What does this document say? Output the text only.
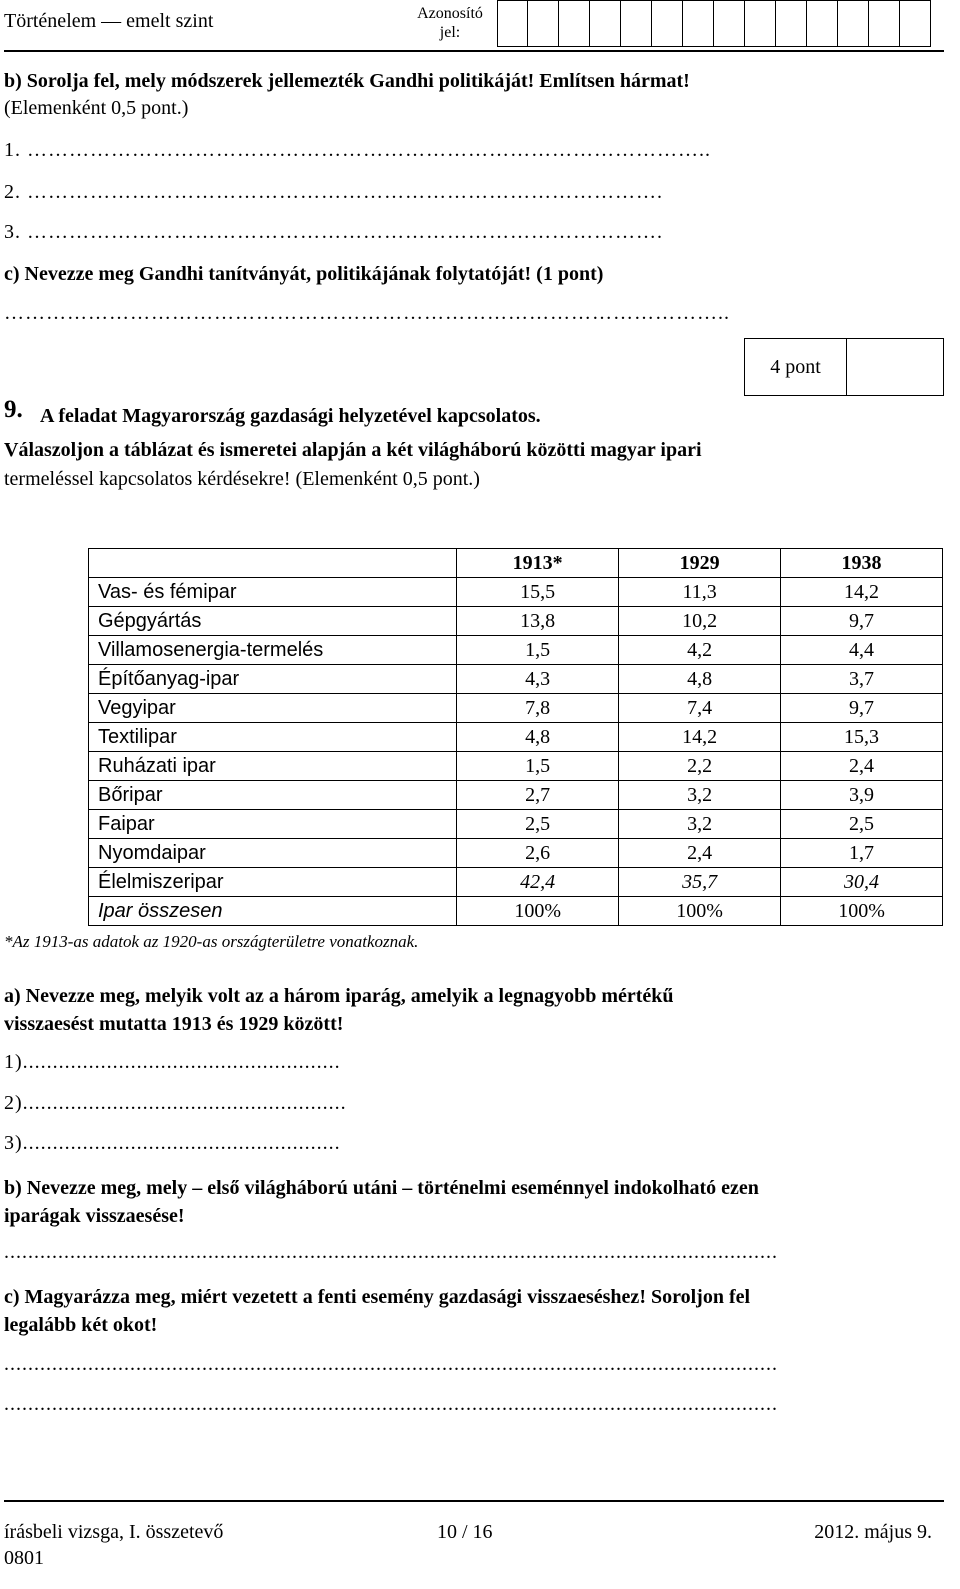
Történelem — emelt szint	Azonosító
jel:
b) Sorolja fel, mely módszerek jellemezték Gandhi politikáját! Említsen hármat!
(Elemenként 0,5 pont.)
1. ……………………………………………………………………………………..
2. ……………………………………………………………………………….
3. ……………………………………………………………………………….
c) Nevezze meg Gandhi tanítványát, politikájának folytatóját! (1 pont)
…………………………………………………………………………………………..
4 pont
9. A feladat Magyarország gazdasági helyzetével kapcsolatos.
Válaszoljon a táblázat és ismeretei alapján a két világháború közötti magyar ipari
termeléssel kapcsolatos kérdésekre! (Elemenként 0,5 pont.)
	1913*	1929	1938
Vas- és fémipar	15,5	11,3	14,2
Gépgyártás	13,8	10,2	9,7
Villamosenergia-termelés	1,5	4,2	4,4
Építőanyag-ipar	4,3	4,8	3,7
Vegyipar	7,8	7,4	9,7
Textilipar	4,8	14,2	15,3
Ruházati ipar	1,5	2,2	2,4
Bőripar	2,7	3,2	3,9
Faipar	2,5	3,2	2,5
Nyomdaipar	2,6	2,4	1,7
Élelmiszeripar	42,4	35,7	30,4
Ipar összesen	100%	100%	100%
*Az 1913-as adatok az 1920-as országterületre vonatkoznak.
a) Nevezze meg, melyik volt az a három iparág, amelyik a legnagyobb mértékű
visszaesést mutatta 1913 és 1929 között!
1).....................................................
2)......................................................
3).....................................................
b) Nevezze meg, mely – első világháború utáni – történelmi eseménnyel indokolható ezen
iparágak visszaesése!
.................................................................................................................................
c) Magyarázza meg, miért vezetett a fenti esemény gazdasági visszaeséshez! Soroljon fel
legalább két okot!
.................................................................................................................................
.................................................................................................................................
írásbeli vizsga, I. összetevő
0801
10 / 16	2012. május 9.
